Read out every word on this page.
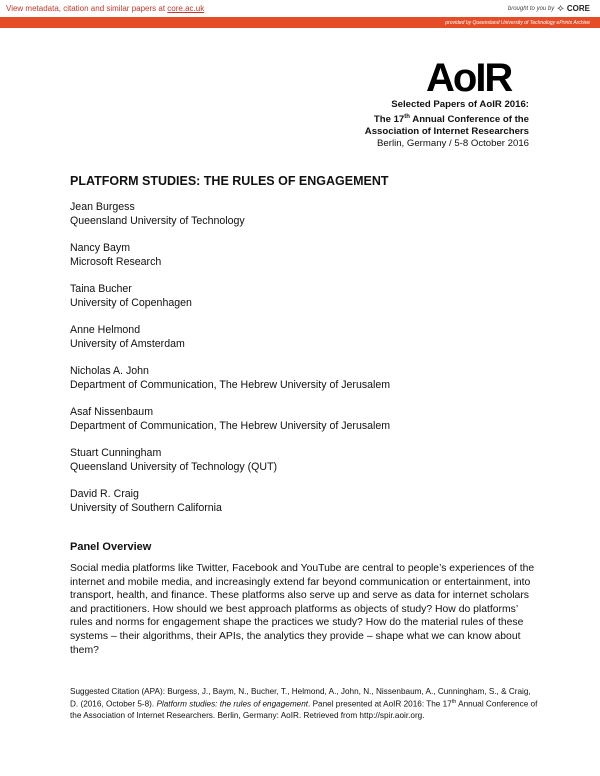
View metadata, citation and similar papers at core.ac.uk	brought to you by ⟡ CORE
provided by Queensland University of Technology ePrints Archive
AoIR
Selected Papers of AoIR 2016:
The 17th Annual Conference of the
Association of Internet Researchers
Berlin, Germany / 5-8 October 2016
PLATFORM STUDIES: THE RULES OF ENGAGEMENT
Jean Burgess
Queensland University of Technology
Nancy Baym
Microsoft Research
Taina Bucher
University of Copenhagen
Anne Helmond
University of Amsterdam
Nicholas A. John
Department of Communication, The Hebrew University of Jerusalem
Asaf Nissenbaum
Department of Communication, The Hebrew University of Jerusalem
Stuart Cunningham
Queensland University of Technology (QUT)
David R. Craig
University of Southern California
Panel Overview
Social media platforms like Twitter, Facebook and YouTube are central to people’s experiences of the internet and mobile media, and increasingly extend far beyond communication or entertainment, into transport, health, and finance. These platforms also serve up and serve as data for internet scholars and practitioners. How should we best approach platforms as objects of study? How do platforms’ rules and norms for engagement shape the practices we study? How do the material rules of these systems – their algorithms, their APIs, the analytics they provide – shape what we can know about them?
Suggested Citation (APA): Burgess, J., Baym, N., Bucher, T., Helmond, A., John, N., Nissenbaum, A., Cunningham, S., & Craig, D. (2016, October 5-8). Platform studies: the rules of engagement. Panel presented at AoIR 2016: The 17th Annual Conference of the Association of Internet Researchers. Berlin, Germany: AoIR. Retrieved from http://spir.aoir.org.
